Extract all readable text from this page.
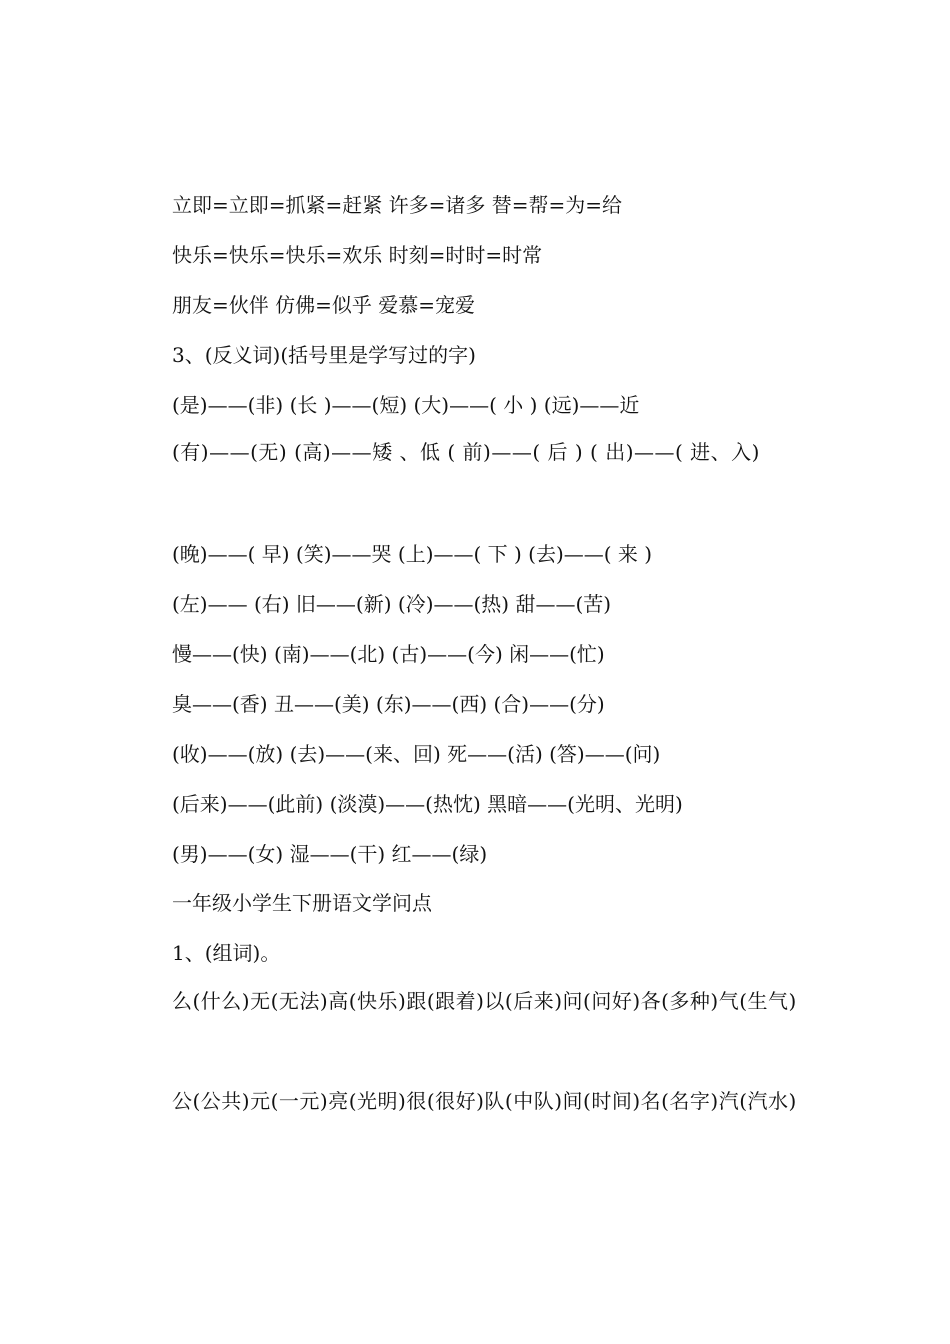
立即=立即=抓紧=赶紧 许多=诸多 替=帮=为=给
快乐=快乐=快乐=欢乐 时刻=时时=时常
朋友=伙伴 仿佛=似乎 爱慕=宠爱
3、(反义词)(括号里是学写过的字)
(是)——(非) (长 )——(短) (大)——( 小 ) (远)——近
(有)——(无) (高)——矮 、低 ( 前)——( 后 ) ( 出)——( 进、入)
(晚)——( 早) (笑)——哭 (上)——( 下 ) (去)——( 来 )
(左)—— (右) 旧——(新) (冷)——(热) 甜——(苦)
慢——(快) (南)——(北) (古)——(今) 闲——(忙)
臭——(香) 丑——(美) (东)——(西) (合)——(分)
(收)——(放) (去)——(来、回) 死——(活) (答)——(问)
(后来)——(此前) (淡漠)——(热忱) 黑暗——(光明、光明)
(男)——(女) 湿——(干) 红——(绿)
一年级小学生下册语文学问点
1、(组词)。
么(什么)无(无法)高(快乐)跟(跟着)以(后来)问(问好)各(多种)气(生气)
公(公共)元(一元)亮(光明)很(很好)队(中队)间(时间)名(名字)汽(汽水)
